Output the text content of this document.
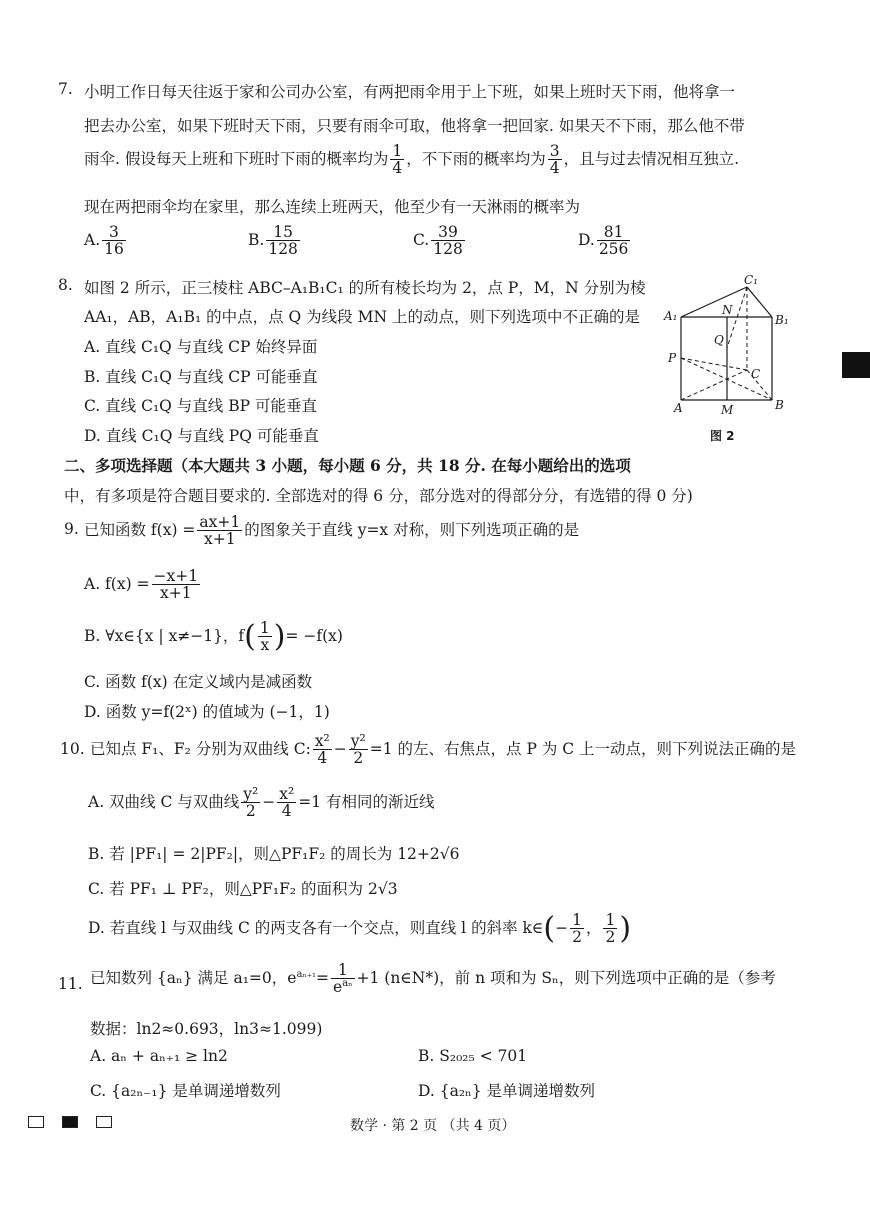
7. 小明工作日每天往返于家和公司办公室，有两把雨伞用于上下班，如果上班时天下雨，他将拿一
把去办公室，如果下班时天下雨，只要有雨伞可取，他将拿一把回家. 如果天不下雨，那么他不带
雨伞. 假设每天上班和下班时下雨的概率均为 $\frac{1}{4}$ ，不下雨的概率均为 $\frac{3}{4}$ ，且与过去情况相互独立.
现在两把雨伞均在家里，那么连续上班两天，他至少有一天淋雨的概率为
A. $\frac{3}{16}$	B. $\frac{15}{128}$	C. $\frac{39}{128}$	D. $\frac{81}{256}$
8. 如图 2 所示，正三棱柱 ABC–A₁B₁C₁ 的所有棱长均为 2，点 P，M，N 分别为棱
AA₁，AB，A₁B₁ 的中点，点 Q 为线段 MN 上的动点，则下列选项中不正确的是
A. 直线 C₁Q 与直线 CP 始终异面
B. 直线 C₁Q 与直线 CP 可能垂直
C. 直线 C₁Q 与直线 BP 可能垂直
D. 直线 C₁Q 与直线 PQ 可能垂直
C₁
A₁	B₁
N
Q
P
C
A	M	B
图 2
二、多项选择题（本大题共 3 小题，每小题 6 分，共 18 分. 在每小题给出的选项
中，有多项是符合题目要求的. 全部选对的得 6 分，部分选对的得部分分，有选错的得 0 分)
9. 已知函数 $f(x) = \frac{ax+1}{x+1}$ 的图象关于直线 y=x 对称，则下列选项正确的是
A. $f(x) = \frac{-x+1}{x+1}$
B. ∀x∈{x | x≠−1}，$f( \frac{1}{x}$ )= −f(x)
C. 函数 f(x) 在定义域内是减函数
D. 函数 y=f(2ˣ) 的值域为 (−1，1)
10. 已知点 F₁、F₂ 分别为双曲线 C: $\frac{\text{x²}}{4} - \frac{\text{y²}}{2} =1$ 的左、右焦点，点 P 为 C 上一动点，则下列说法正确的是
A. 双曲线 C 与双曲线 $\frac{\text{y²}}{2} - \frac{\text{x²}}{4} =1$ 有相同的渐近线
B. 若 |PF₁| = 2|PF₂|，则△PF₁F₂ 的周长为 12+2√6
C. 若 PF₁ ⊥ PF₂，则△PF₁F₂ 的面积为 2√3
D. 若直线 l 与双曲线 C 的两支各有一个交点，则直线 l 的斜率 k∈(− $\frac{1}{2}$ ， $\frac{1}{2}$ )
11. 已知数列 {aₙ} 满足 a₁=0，$e^{a_{n+1}}= \frac{1}{e^{a_n}} +1$ (n∈N*)，前 n 项和为 Sₙ，则下列选项中正确的是（参考
数据：ln2≈0.693，ln3≈1.099)
A. aₙ + aₙ₊₁ ≥ ln2	B. S₂₀₂₅ < 701
C. {a₂ₙ₋₁} 是单调递增数列	D. {a₂ₙ} 是单调递增数列
数学 · 第 2 页 （共 4 页）
